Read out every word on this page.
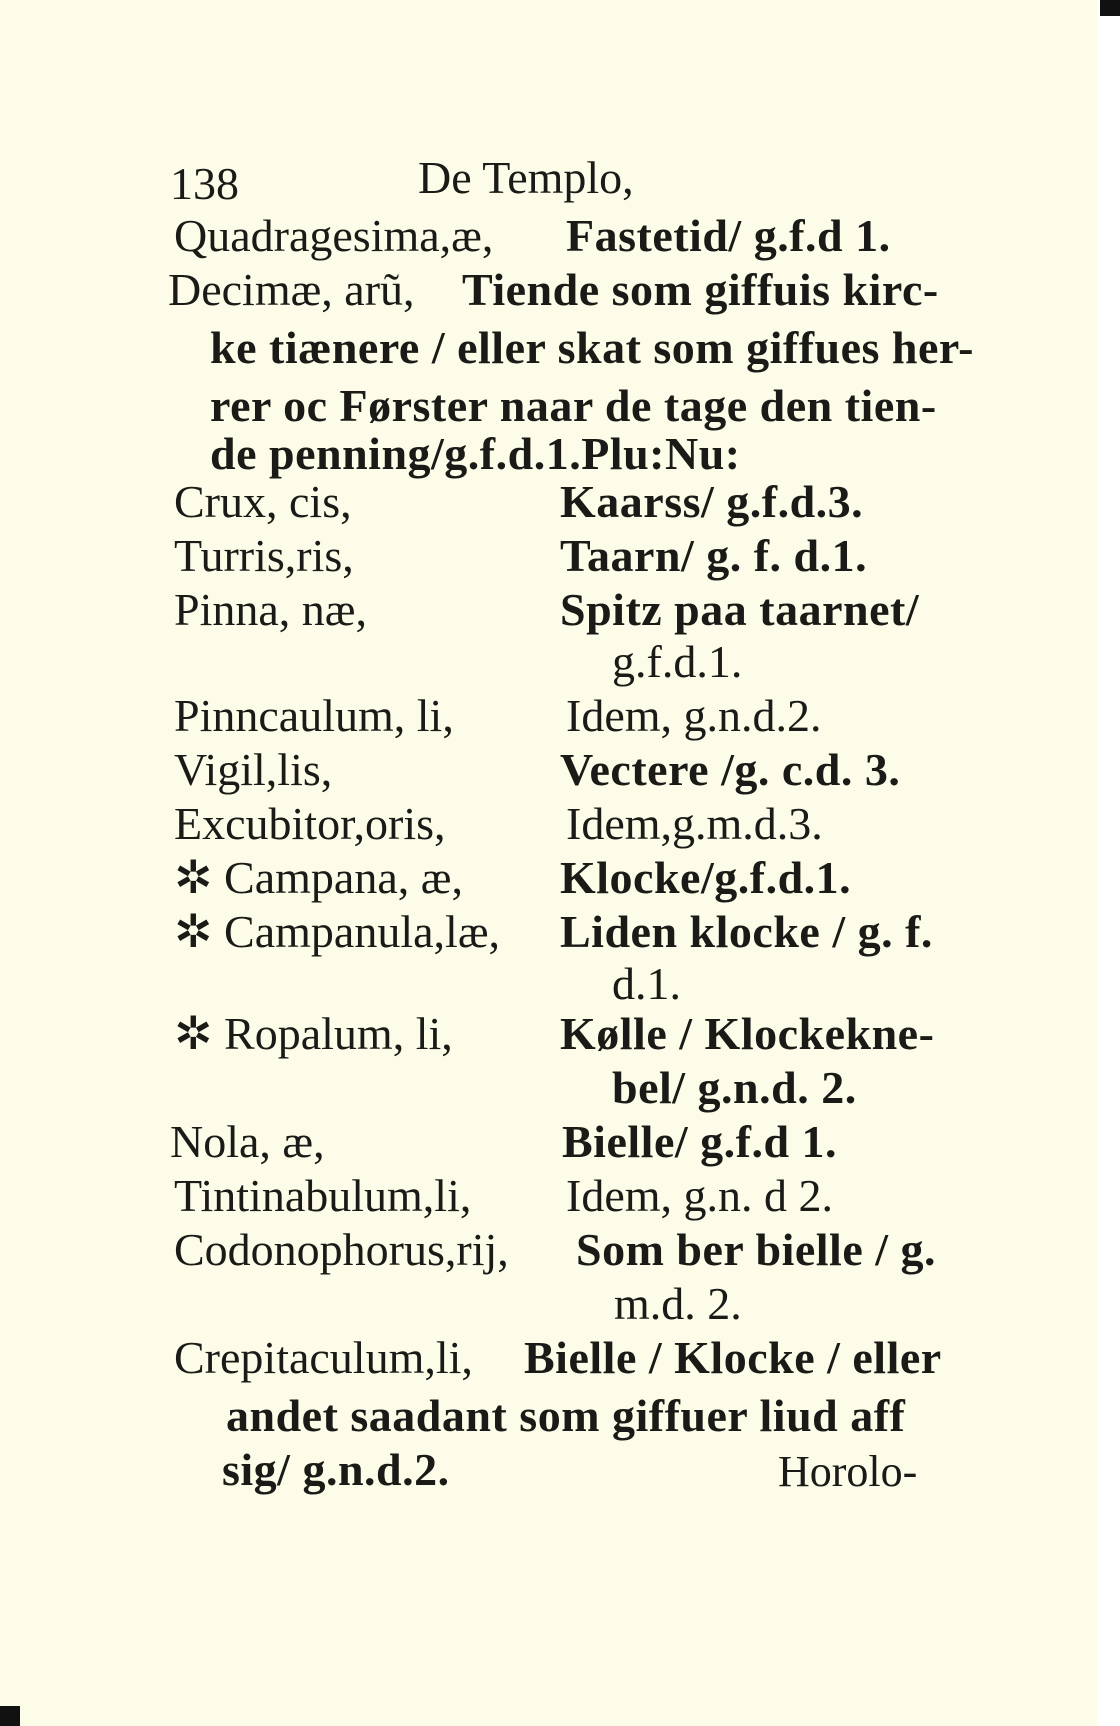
138	De Templo,
Quadragesima,æ, Fastetid/ g.f.d 1.
Decimæ, arũ, Tiende som giffuis kirc-
ke tiænere / eller skat som giffues her-
rer oc Førster naar de tage den tien-
de penning/g.f.d.1.Plu:Nu:
Crux, cis,	Kaarss/ g.f.d.3.
Turris,ris,	Taarn/ g. f. d.1.
Pinna, næ,	Spitz paa taarnet/
g.f.d.1.
Pinncaulum, li, Idem, g.n.d.2.
Vigil,lis,	Vectere /g. c.d. 3.
Excubitor,oris,	Idem,g.m.d.3.
✲ Campana, æ, Klocke/g.f.d.1.
✲ Campanula,læ, Liden klocke / g. f.
d.1.
✲ Ropalum, li, Kølle / Klockekne-
bel/ g.n.d. 2.
Nola, æ,	Bielle/ g.f.d 1.
Tintinabulum,li, Idem, g.n. d 2.
Codonophorus,rij, Som ber bielle / g.
m.d. 2.
Crepitaculum,li, Bielle / Klocke / eller
andet saadant som giffuer liud aff
sig/ g.n.d.2.	Horolo-
